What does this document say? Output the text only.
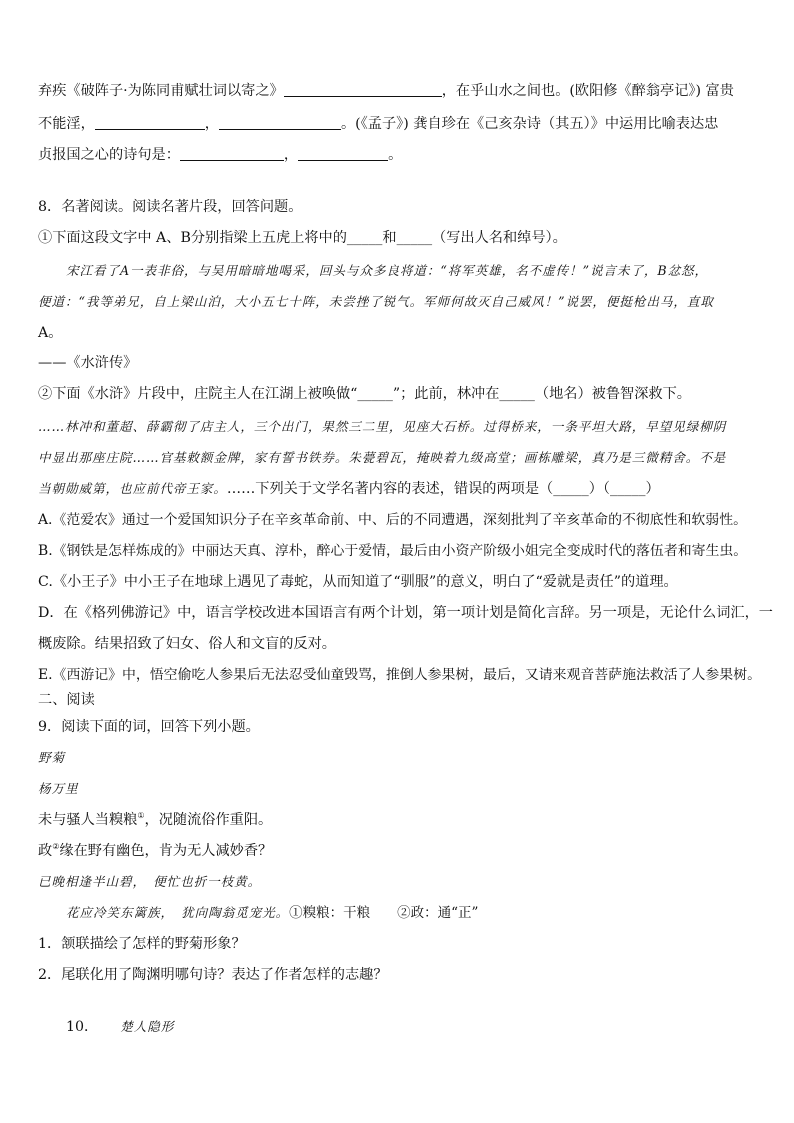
弃疾《破阵子·为陈同甫赋壮词以寄之》	，在乎山水之间也。(欧阳修《醉翁亭记》) 富贵
不能淫，	，	。(《孟子》) 龚自珍在《己亥杂诗（其五）》中运用比喻表达忠
贞报国之心的诗句是：	，	。
8．名著阅读。阅读名著片段，回答问题。
①下面这段文字中 A、B分别指梁上五虎上将中的_____和_____（写出人名和绰号）。
宋江看了A一表非俗，与吴用暗暗地喝采，回头与众多良将道：“将军英雄，名不虚传！”说言未了，B忿怒，
便道：“我等弟兄，自上梁山泊，大小五七十阵，未尝挫了锐气。军师何故灭自己威风！”说罢，便挺枪出马，直取
A。
——《水浒传》
②下面《水浒》片段中，庄院主人在江湖上被唤做“_____”；此前，林冲在_____（地名）被鲁智深救下。
……林冲和董超、薛霸彻了店主人，三个出门，果然三二里，见座大石桥。过得桥来，一条平坦大路，早望见绿柳阴
中显出那座庄院……官基敕额金牌，家有誓书铁券。朱甍碧瓦，掩映着九级高堂；画栋雕梁，真乃是三微精舍。不是
当朝勋威第，也应前代帝王家。……下列关于文学名著内容的表述，错误的两项是（_____）（_____）
A.《范爱农》通过一个爱国知识分子在辛亥革命前、中、后的不同遭遇，深刻批判了辛亥革命的不彻底性和软弱性。
B.《钢铁是怎样炼成的》中丽达天真、淳朴，醉心于爱情，最后由小资产阶级小姐完全变成时代的落伍者和寄生虫。
C.《小王子》中小王子在地球上遇见了毒蛇，从而知道了“驯服”的意义，明白了“爱就是责任”的道理。
D．在《格列佛游记》中，语言学校改进本国语言有两个计划，第一项计划是简化言辞。另一项是，无论什么词汇，一
概废除。结果招致了妇女、俗人和文盲的反对。
E.《西游记》中，悟空偷吃人参果后无法忍受仙童毁骂，推倒人参果树，最后，又请来观音菩萨施法救活了人参果树。
二、阅读
9．阅读下面的词，回答下列小题。
野菊
杨万里
未与骚人当糗粮①，况随流俗作重阳。
政②缘在野有幽色，肯为无人减妙香？
已晚相逢半山碧，　便忙也折一枝黄。
花应冷笑东篱族，　犹向陶翁觅宠光。①糗粮：干粮　　②政：通“正”
1．颔联描绘了怎样的野菊形象？
2．尾联化用了陶渊明哪句诗？表达了作者怎样的志趣？
10． 楚人隐形
